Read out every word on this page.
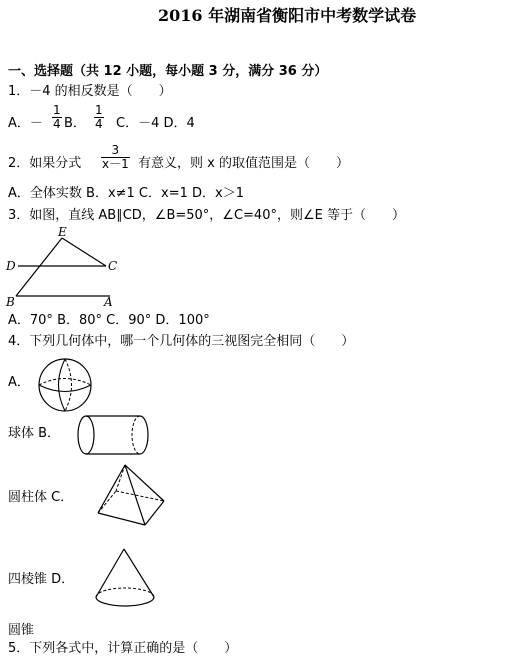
2016 年湖南省衡阳市中考数学试卷
一、选择题（共 12 小题，每小题 3 分，满分 36 分）
1．－4 的相反数是（　　）
A．－
1
4 B．
1
4 C．－4 D．4
2．如果分式
3
x－1 有意义，则 x 的取值范围是（　　）
A．全体实数 B．x≠1 C．x=1 D．x＞1
3．如图，直线 AB∥CD，∠B=50°，∠C=40°，则∠E 等于（　　）
E
D	C
B	A
A．70° B．80° C．90° D．100°
4．下列几何体中，哪一个几何体的三视图完全相同（　　）
A．
球体 B．
圆柱体 C．
四棱锥 D．
圆锥
5．下列各式中，计算正确的是（　　）
